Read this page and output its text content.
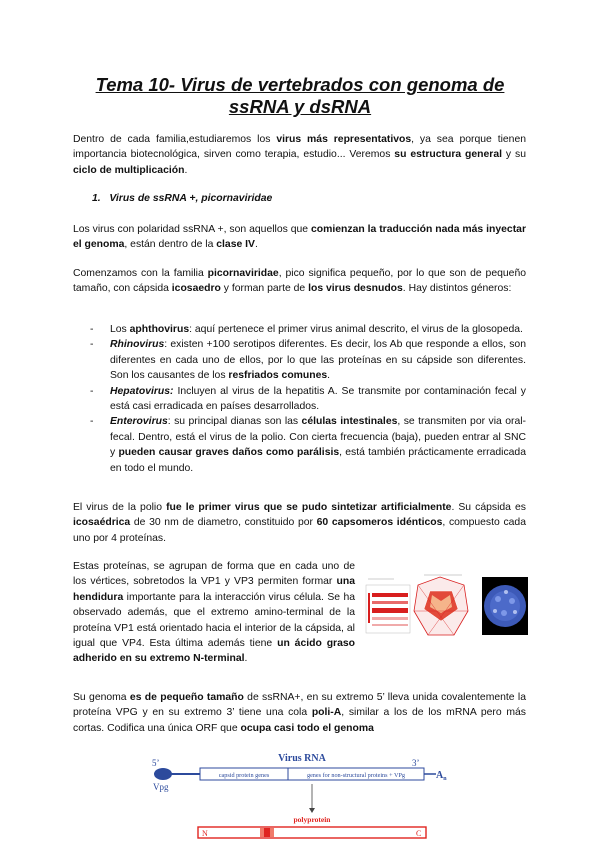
Tema 10- Virus de vertebrados con genoma de
ssRNA y dsRNA

Dentro de cada familia,estudiaremos los virus más representativos, ya sea porque tienen importancia biotecnológica, sirven como terapia, estudio... Veremos su estructura general y su ciclo de multiplicación.

1. Virus de ssRNA +, picornaviridae

Los virus con polaridad ssRNA +, son aquellos que comienzan la traducción nada más inyectar el genoma, están dentro de la clase IV.

Comenzamos con la familia picornaviridae, pico significa pequeño, por lo que son de pequeño tamaño, con cápsida icosaedro y forman parte de los virus desnudos. Hay distintos géneros:

- Los aphthovirus: aquí pertenece el primer virus animal descrito, el virus de la glosopeda.
- Rhinovirus: existen +100 serotipos diferentes. Es decir, los Ab que responde a ellos, son diferentes en cada uno de ellos, por lo que las proteínas en su cápside son diferentes. Son los causantes de los resfriados comunes.
- Hepatovirus: Incluyen al virus de la hepatitis A. Se transmite por contaminación fecal y está casi erradicada en países desarrollados.
- Enterovirus: su principal dianas son las células intestinales, se transmiten por via oral-fecal. Dentro, está el virus de la polio. Con cierta frecuencia (baja), pueden entrar al SNC y pueden causar graves daños como parálisis, está también prácticamente erradicada en todo el mundo.

El virus de la polio fue le primer virus que se pudo sintetizar artificialmente. Su cápsida es icosaédrica de 30 nm de diametro, constituido por 60 capsomeros idénticos, compuesto cada uno por 4 proteínas.

Estas proteínas, se agrupan de forma que en cada uno de los vértices, sobretodos la VP1 y VP3 permiten formar una hendidura importante para la interacción virus célula. Se ha observado además, que el extremo amino-terminal de la proteína VP1 está orientado hacia el interior de la cápsida, al igual que VP4. Esta última además tiene un ácido graso adherido en su extremo N-terminal.

Su genoma es de pequeño tamaño de ssRNA+, en su extremo 5’ lleva unida covalentemente la proteína VPG y en su extremo 3’ tiene una cola poli-A, similar a los de los mRNA pero más cortas. Codifica una única ORF que ocupa casi todo el genoma

Virus RNA
5’	3’
Vpg
capsid protein genes	genes for non-structural proteins + VPg	$A_n$
polyprotein
N	C
